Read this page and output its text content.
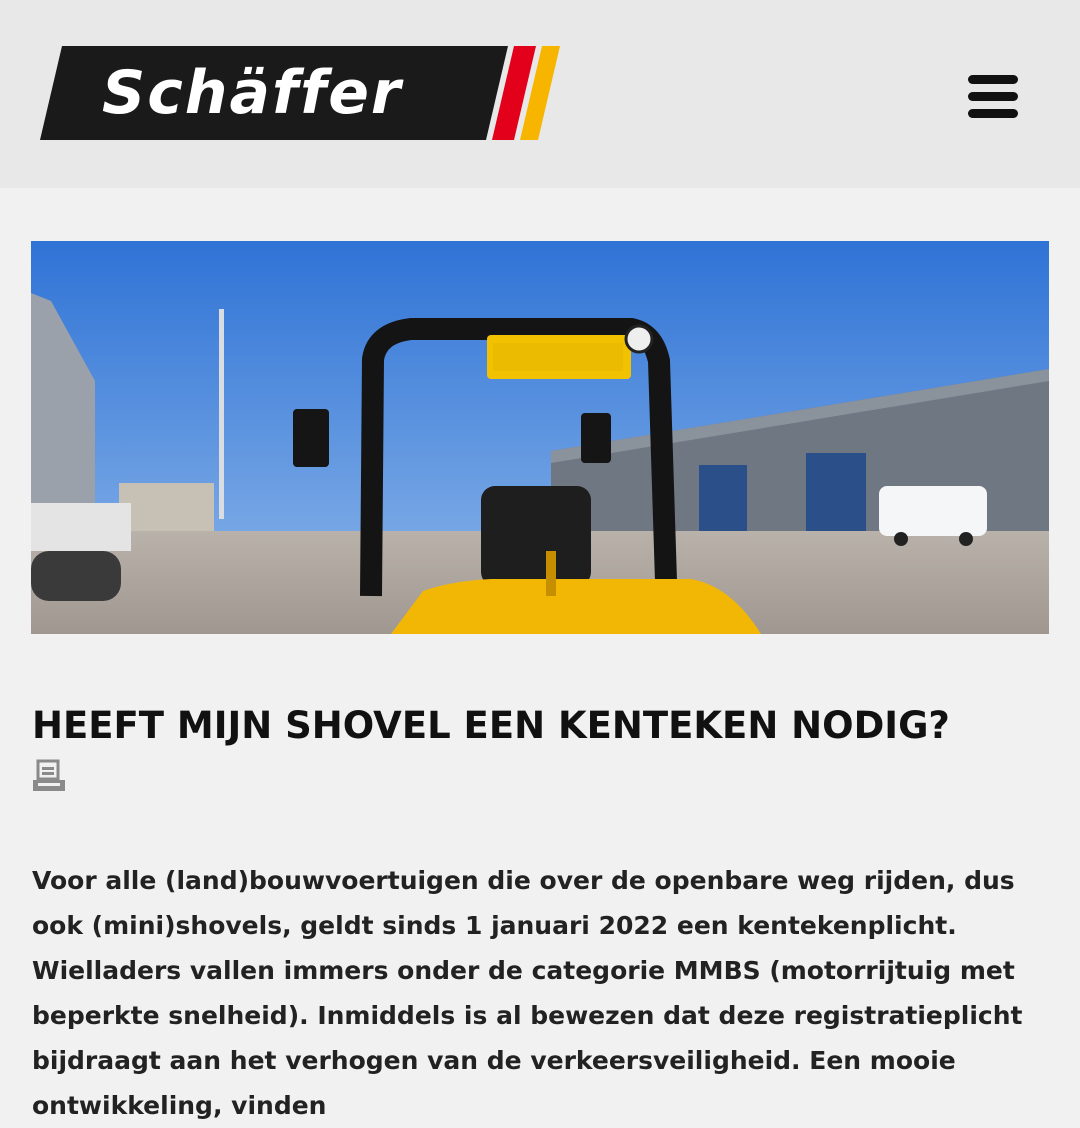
Schäffer
HEEFT MIJN SHOVEL EEN KENTEKEN NODIG?

Voor alle (land)bouwvoertuigen die over de openbare weg rijden, dus ook (mini)shovels, geldt sinds 1 januari 2022 een kentekenplicht. Wielladers vallen immers onder de categorie MMBS (motorrijtuig met beperkte snelheid). Inmiddels is al bewezen dat deze registratieplicht bijdraagt aan het verhogen van de verkeersveiligheid. Een mooie ontwikkeling, vinden
